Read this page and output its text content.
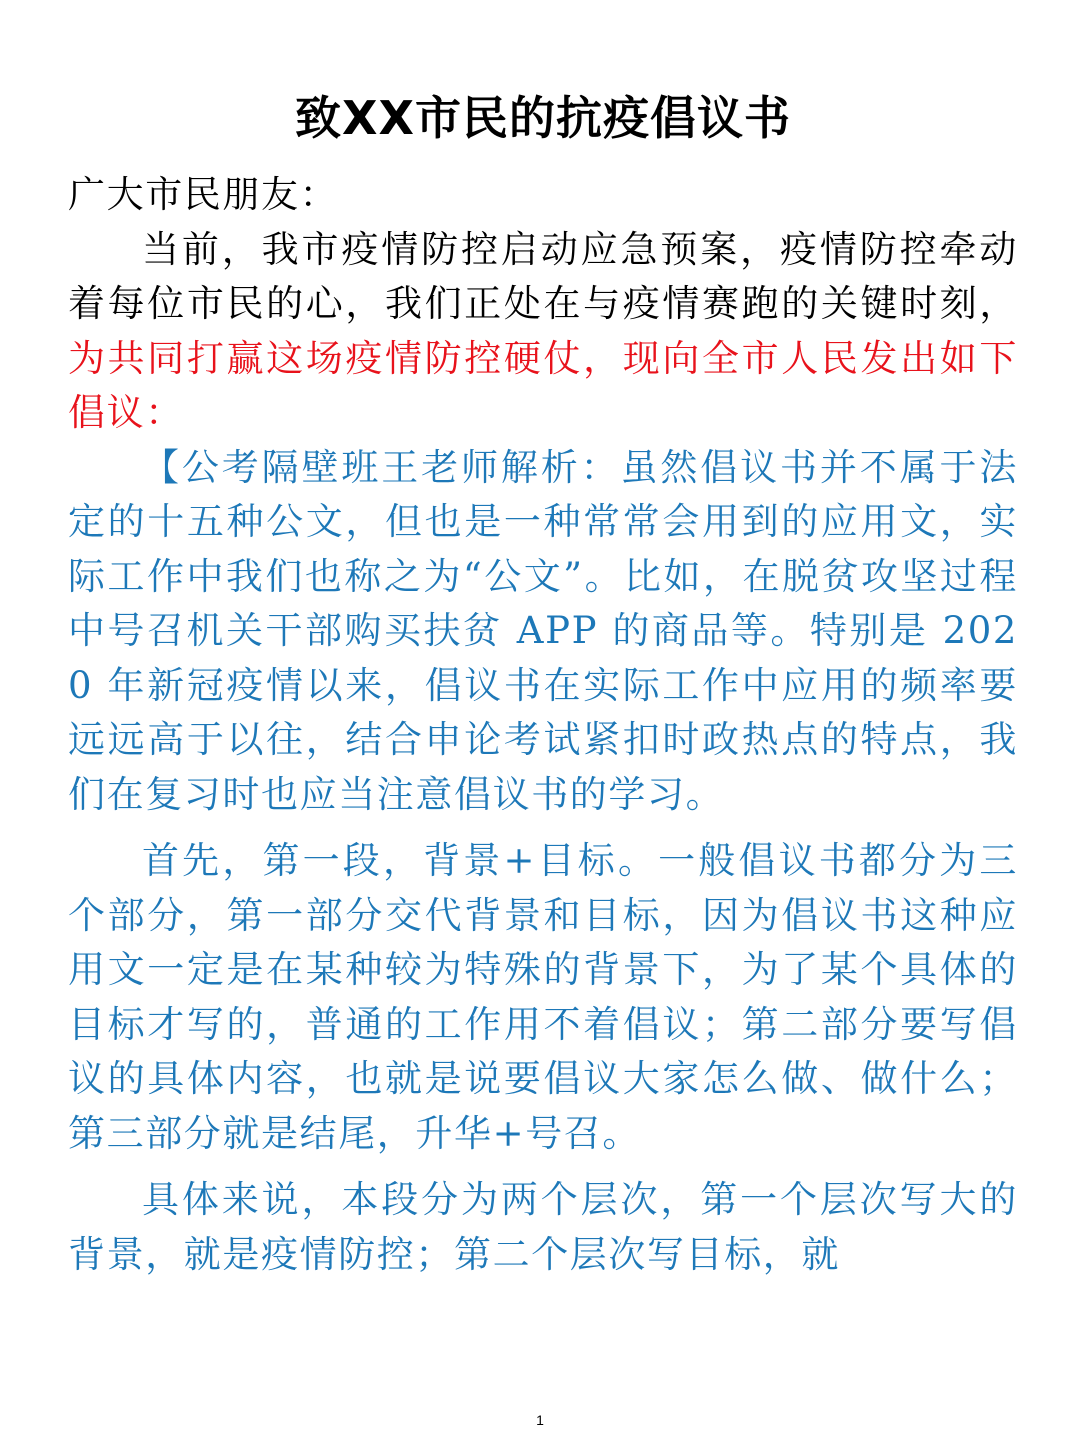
致XX市民的抗疫倡议书

广大市民朋友：

当前，我市疫情防控启动应急预案，疫情防控牵动着每位市民的心，我们正处在与疫情赛跑的关键时刻，为共同打赢这场疫情防控硬仗，现向全市人民发出如下倡议：

【公考隔壁班王老师解析：虽然倡议书并不属于法定的十五种公文，但也是一种常常会用到的应用文，实际工作中我们也称之为“公文”。比如，在脱贫攻坚过程中号召机关干部购买扶贫 APP 的商品等。特别是 2020 年新冠疫情以来，倡议书在实际工作中应用的频率要远远高于以往，结合申论考试紧扣时政热点的特点，我们在复习时也应当注意倡议书的学习。

首先，第一段，背景+目标。一般倡议书都分为三个部分，第一部分交代背景和目标，因为倡议书这种应用文一定是在某种较为特殊的背景下，为了某个具体的目标才写的，普通的工作用不着倡议；第二部分要写倡议的具体内容，也就是说要倡议大家怎么做、做什么；第三部分就是结尾，升华+号召。

具体来说，本段分为两个层次，第一个层次写大的背景，就是疫情防控；第二个层次写目标，就

1
